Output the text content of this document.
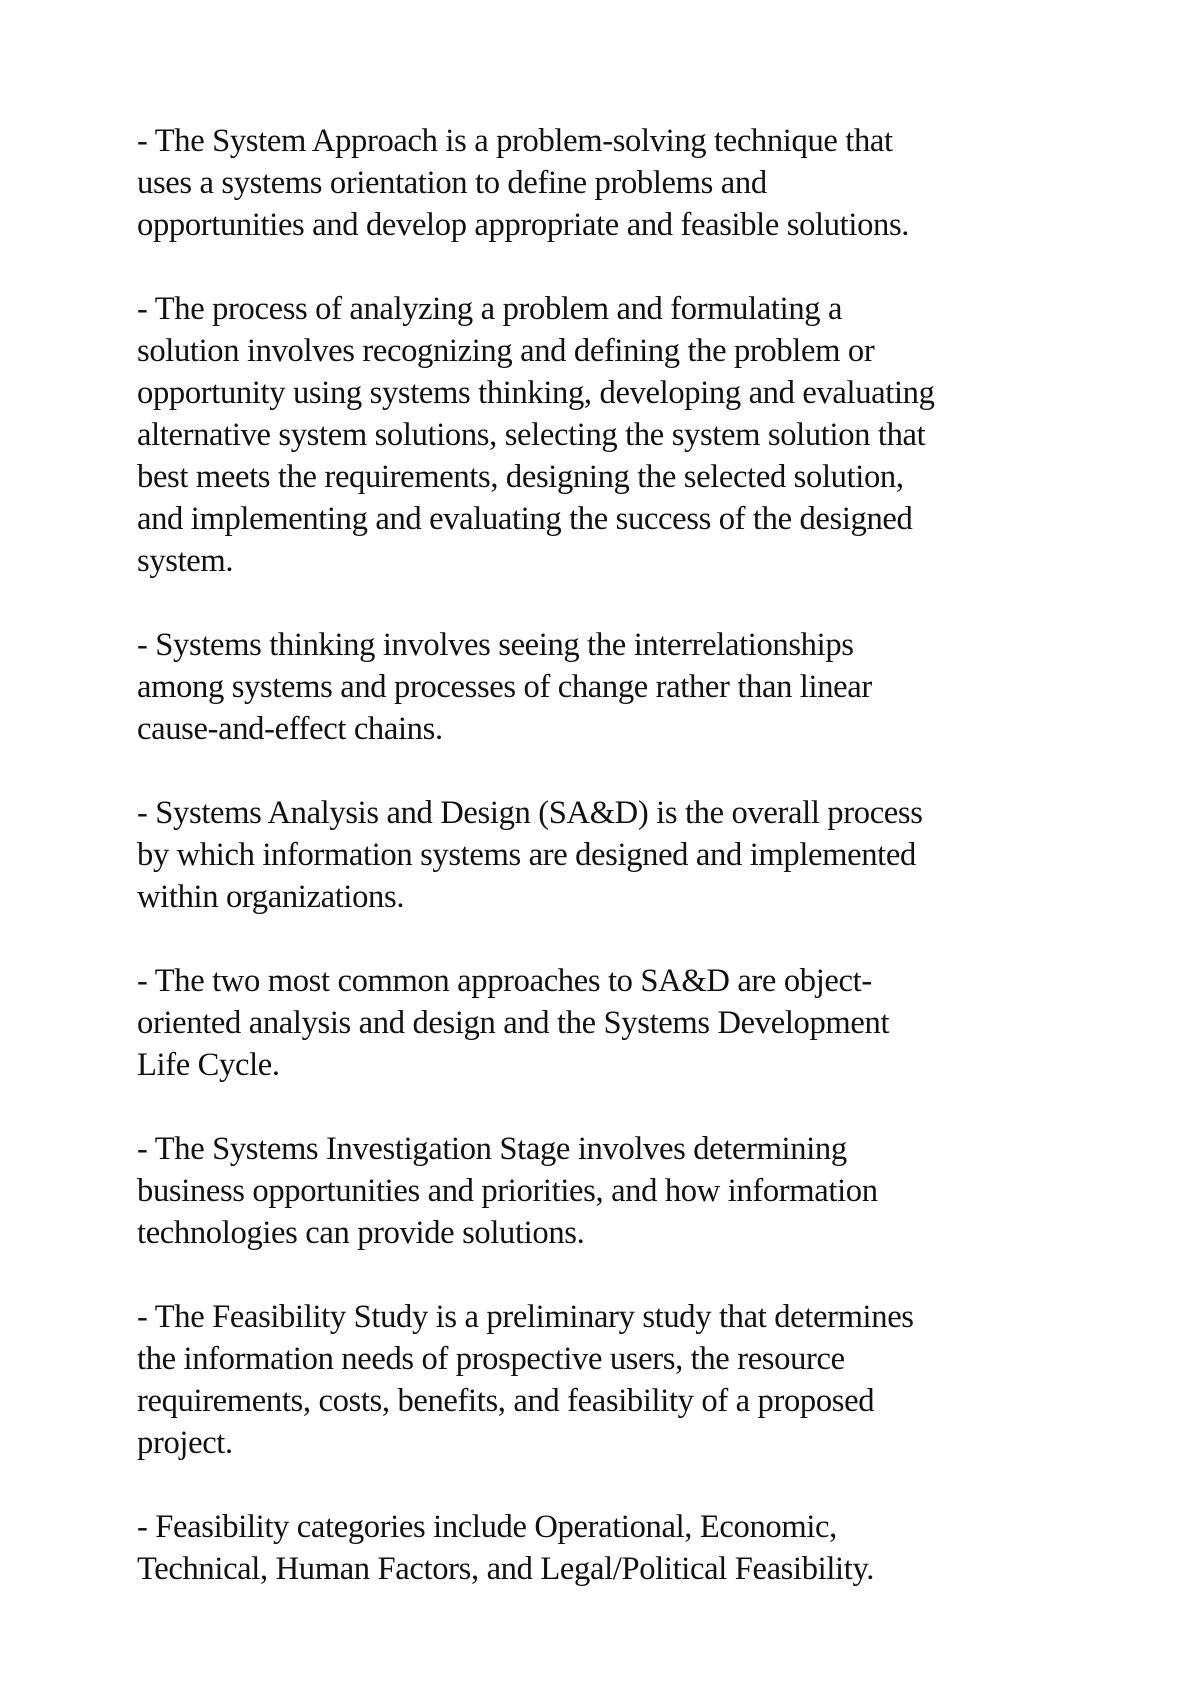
- The System Approach is a problem-solving technique that
uses a systems orientation to define problems and
opportunities and develop appropriate and feasible solutions.

- The process of analyzing a problem and formulating a
solution involves recognizing and defining the problem or
opportunity using systems thinking, developing and evaluating
alternative system solutions, selecting the system solution that
best meets the requirements, designing the selected solution,
and implementing and evaluating the success of the designed
system.

- Systems thinking involves seeing the interrelationships
among systems and processes of change rather than linear
cause-and-effect chains.

- Systems Analysis and Design (SA&D) is the overall process
by which information systems are designed and implemented
within organizations.

- The two most common approaches to SA&D are object-
oriented analysis and design and the Systems Development
Life Cycle.

- The Systems Investigation Stage involves determining
business opportunities and priorities, and how information
technologies can provide solutions.

- The Feasibility Study is a preliminary study that determines
the information needs of prospective users, the resource
requirements, costs, benefits, and feasibility of a proposed
project.

- Feasibility categories include Operational, Economic,
Technical, Human Factors, and Legal/Political Feasibility.
